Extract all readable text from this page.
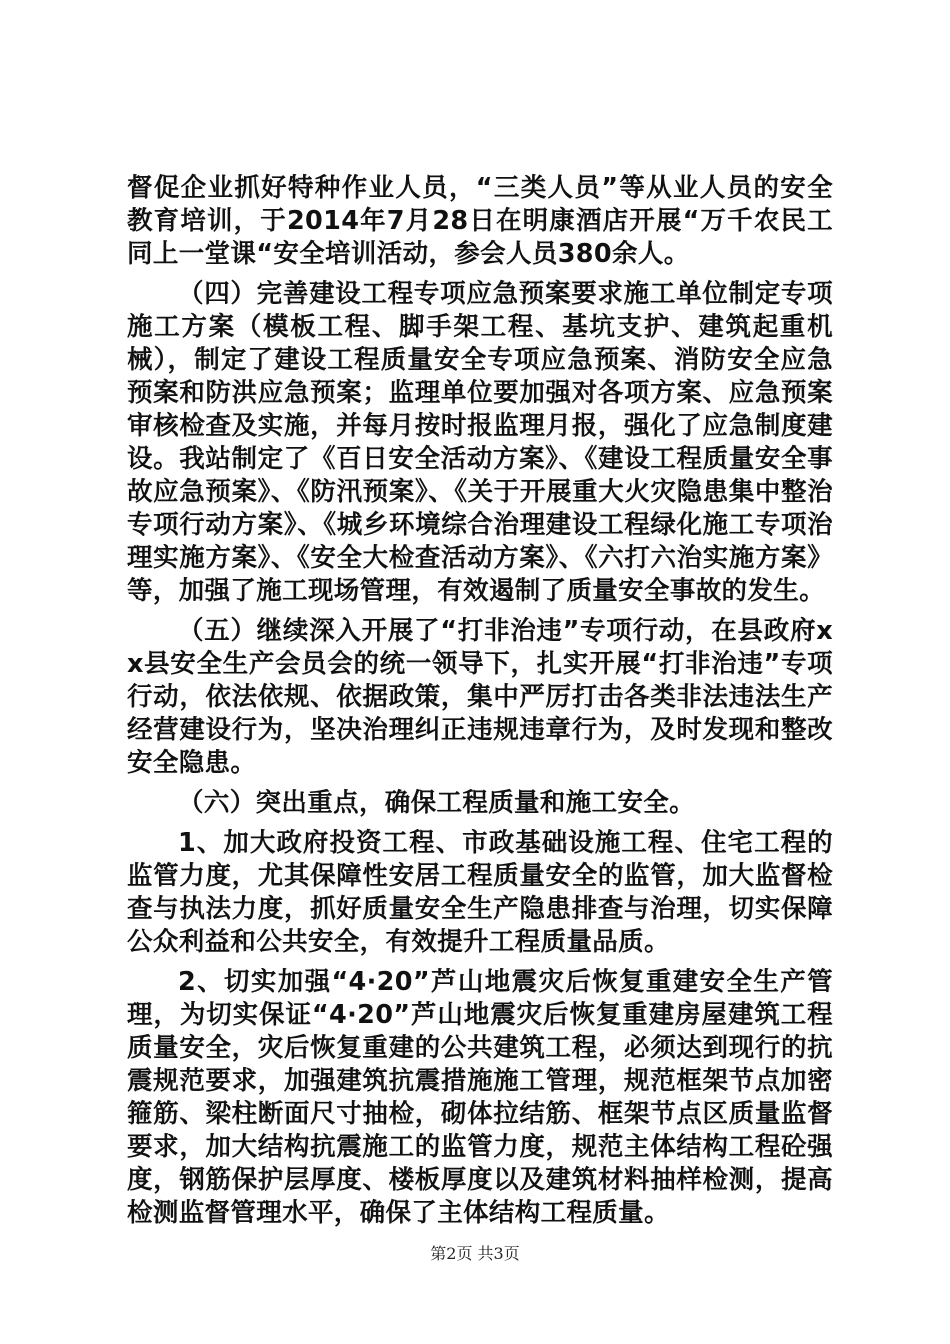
督促企业抓好特种作业人员，“三类人员”等从业人员的安全教育培训，于2014年7月28日在明康酒店开展“万千农民工同上一堂课“安全培训活动，参会人员380余人。

（四）完善建设工程专项应急预案要求施工单位制定专项施工方案（模板工程、脚手架工程、基坑支护、建筑起重机械），制定了建设工程质量安全专项应急预案、消防安全应急预案和防洪应急预案；监理单位要加强对各项方案、应急预案审核检查及实施，并每月按时报监理月报，强化了应急制度建设。我站制定了《百日安全活动方案》、《建设工程质量安全事故应急预案》、《防汛预案》、《关于开展重大火灾隐患集中整治专项行动方案》、《城乡环境综合治理建设工程绿化施工专项治理实施方案》、《安全大检查活动方案》、《六打六治实施方案》等，加强了施工现场管理，有效遏制了质量安全事故的发生。

（五）继续深入开展了“打非治违”专项行动，在县政府xx县安全生产会员会的统一领导下，扎实开展“打非治违”专项行动，依法依规、依据政策，集中严厉打击各类非法违法生产经营建设行为，坚决治理纠正违规违章行为，及时发现和整改安全隐患。

（六）突出重点，确保工程质量和施工安全。

1、加大政府投资工程、市政基础设施工程、住宅工程的监管力度，尤其保障性安居工程质量安全的监管，加大监督检查与执法力度，抓好质量安全生产隐患排查与治理，切实保障公众利益和公共安全，有效提升工程质量品质。

2、切实加强“4·20”芦山地震灾后恢复重建安全生产管理，为切实保证“4·20”芦山地震灾后恢复重建房屋建筑工程质量安全，灾后恢复重建的公共建筑工程，必须达到现行的抗震规范要求，加强建筑抗震措施施工管理，规范框架节点加密箍筋、梁柱断面尺寸抽检，砌体拉结筋、框架节点区质量监督要求，加大结构抗震施工的监管力度，规范主体结构工程砼强度，钢筋保护层厚度、楼板厚度以及建筑材料抽样检测，提高检测监督管理水平，确保了主体结构工程质量。

第2页 共3页
